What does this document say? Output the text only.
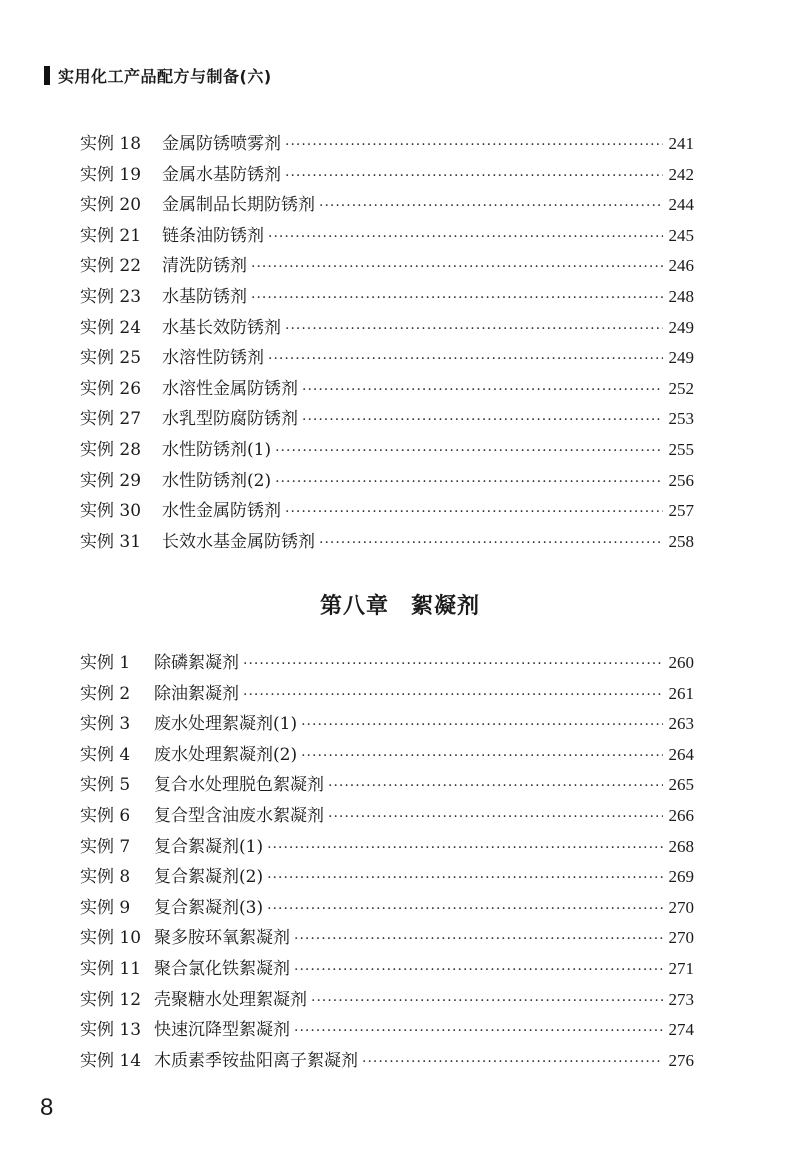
实用化工产品配方与制备(六)
实例 18	金属防锈喷雾剂 ·····	241
实例 19	金属水基防锈剂 ·····	242
实例 20	金属制品长期防锈剂 ·····	244
实例 21	链条油防锈剂 ·····	245
实例 22	清洗防锈剂 ·····	246
实例 23	水基防锈剂 ·····	248
实例 24	水基长效防锈剂 ·····	249
实例 25	水溶性防锈剂 ·····	249
实例 26	水溶性金属防锈剂 ·····	252
实例 27	水乳型防腐防锈剂 ·····	253
实例 28	水性防锈剂(1) ·····	255
实例 29	水性防锈剂(2) ·····	256
实例 30	水性金属防锈剂 ·····	257
实例 31	长效水基金属防锈剂 ·····	258
第八章 絮凝剂
实例 1	除磷絮凝剂 ·····	260
实例 2	除油絮凝剂 ·····	261
实例 3	废水处理絮凝剂(1) ·····	263
实例 4	废水处理絮凝剂(2) ·····	264
实例 5	复合水处理脱色絮凝剂 ·····	265
实例 6	复合型含油废水絮凝剂 ·····	266
实例 7	复合絮凝剂(1) ·····	268
实例 8	复合絮凝剂(2) ·····	269
实例 9	复合絮凝剂(3) ·····	270
实例 10 聚多胺环氧絮凝剂 ·····	270
实例 11 聚合氯化铁絮凝剂 ·····	271
实例 12 壳聚糖水处理絮凝剂 ·····	273
实例 13 快速沉降型絮凝剂 ·····	274
实例 14 木质素季铵盐阳离子絮凝剂 ·····	276
8
